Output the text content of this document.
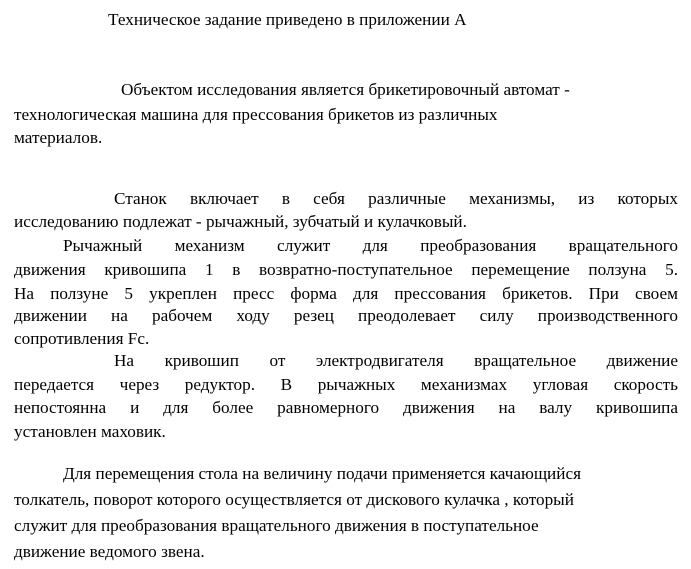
Техническое задание приведено в приложении А
Объектом исследования является брикетировочный автомат -
технологическая машина для прессования брикетов из различных
материалов.
Станок включает в себя различные механизмы, из которых
исследованию подлежат - рычажный, зубчатый и кулачковый.
Рычажный механизм служит для преобразования вращательного
движения кривошипа 1 в возвратно-поступательное перемещение ползуна 5.
На ползуне 5 укреплен пресс форма для прессования брикетов. При своем
движении на рабочем ходу резец преодолевает силу производственного
сопротивления Fc.
На кривошип от электродвигателя вращательное движение
передается через редуктор. В рычажных механизмах угловая скорость
непостоянна и для более равномерного движения на валу кривошипа
установлен маховик.
Для перемещения стола на величину подачи применяется качающийся
толкатель, поворот которого осуществляется от дискового кулачка , который
служит для преобразования вращательного движения в поступательное
движение ведомого звена.
